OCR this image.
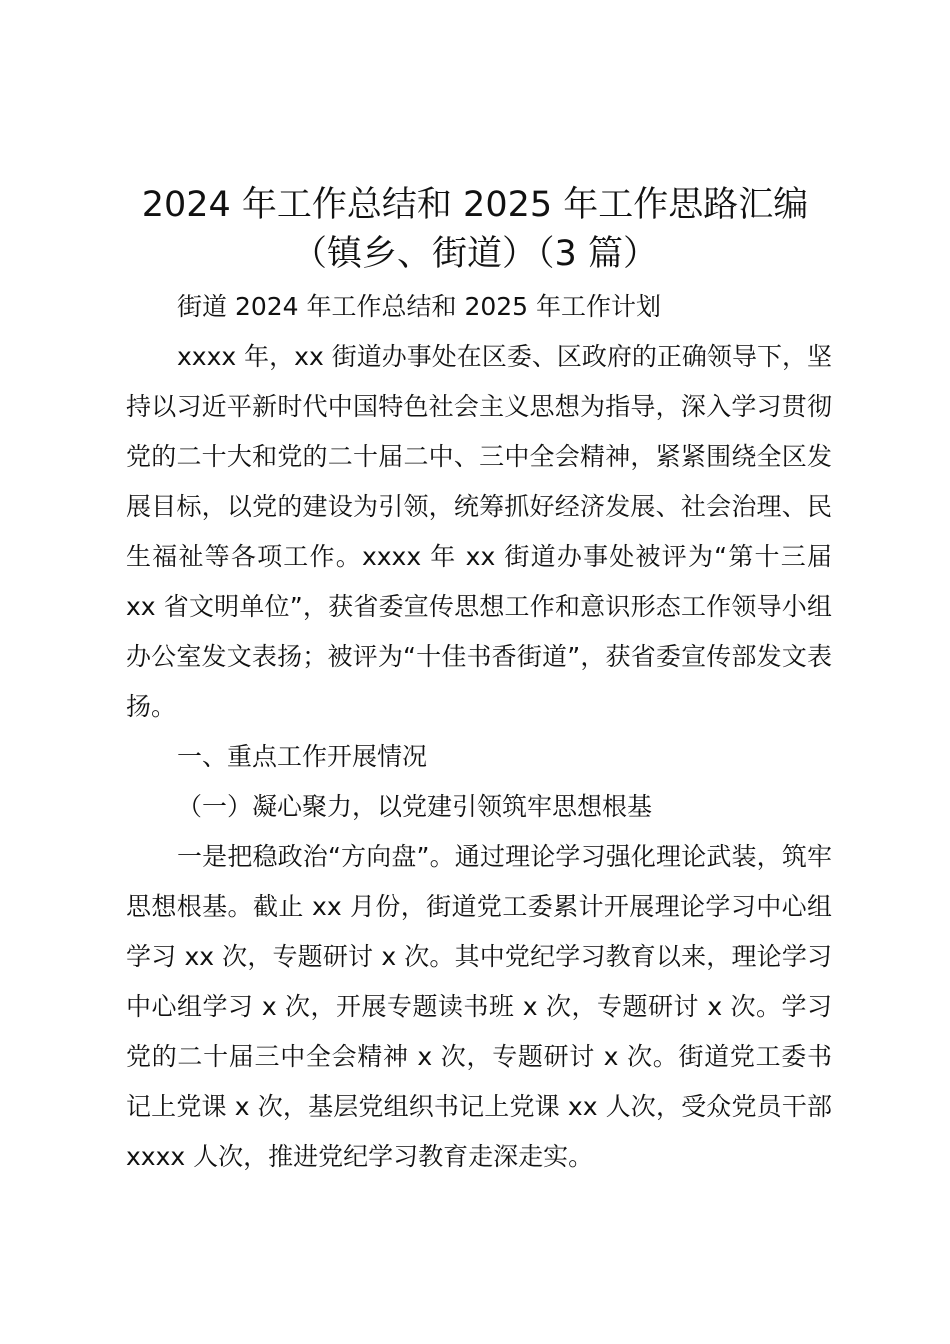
2024 年工作总结和 2025 年工作思路汇编
（镇乡、街道）（3 篇）

街道 2024 年工作总结和 2025 年工作计划

xxxx 年，xx 街道办事处在区委、区政府的正确领导下，坚持以习近平新时代中国特色社会主义思想为指导，深入学习贯彻党的二十大和党的二十届二中、三中全会精神，紧紧围绕全区发展目标，以党的建设为引领，统筹抓好经济发展、社会治理、民生福祉等各项工作。xxxx 年 xx 街道办事处被评为“第十三届 xx 省文明单位”，获省委宣传思想工作和意识形态工作领导小组办公室发文表扬；被评为“十佳书香街道”，获省委宣传部发文表扬。

一、重点工作开展情况

（一）凝心聚力，以党建引领筑牢思想根基

一是把稳政治“方向盘”。通过理论学习强化理论武装，筑牢思想根基。截止 xx 月份，街道党工委累计开展理论学习中心组学习 xx 次，专题研讨 x 次。其中党纪学习教育以来，理论学习中心组学习 x 次，开展专题读书班 x 次，专题研讨 x 次。学习党的二十届三中全会精神 x 次，专题研讨 x 次。街道党工委书记上党课 x 次，基层党组织书记上党课 xx 人次，受众党员干部 xxxx 人次，推进党纪学习教育走深走实。
